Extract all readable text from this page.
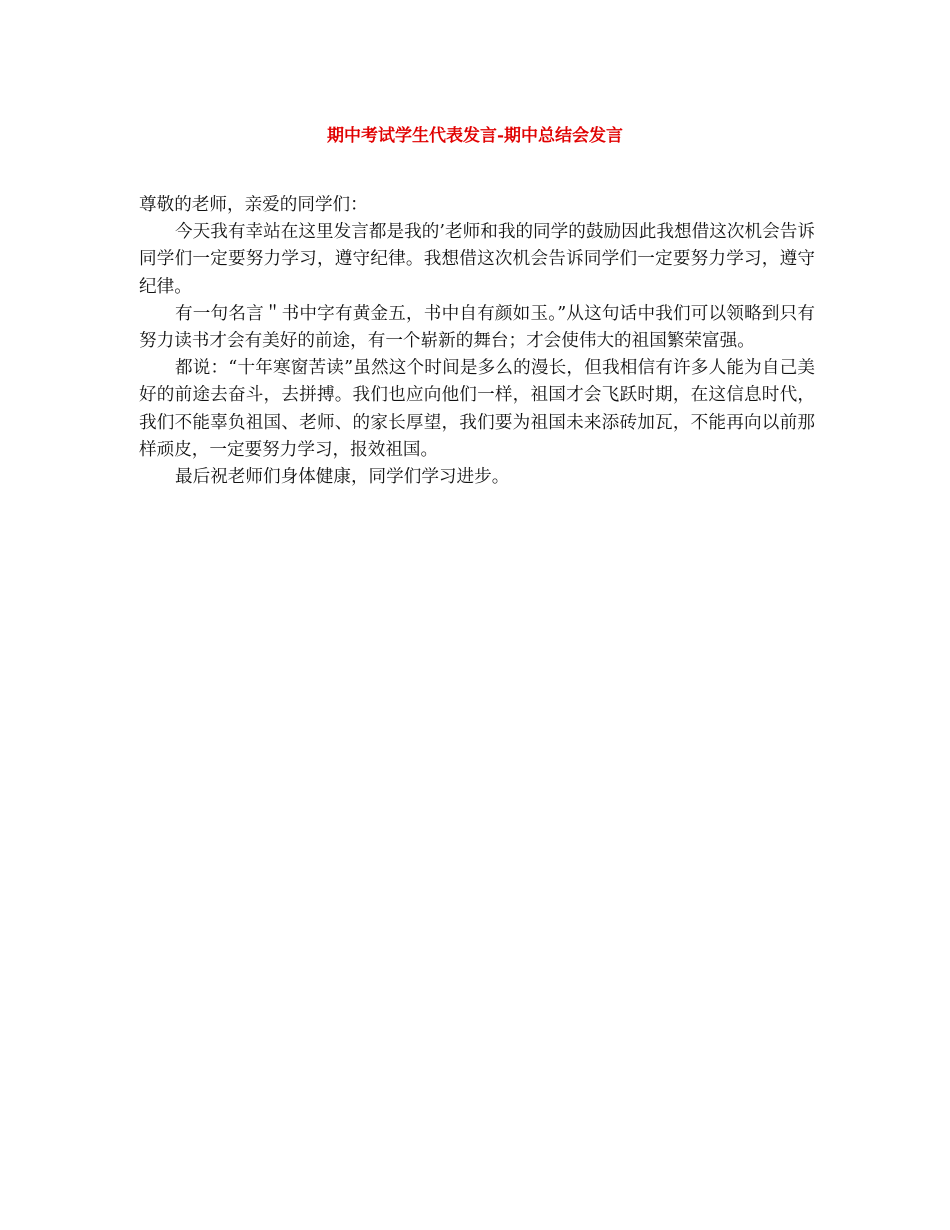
期中考试学生代表发言-期中总结会发言

尊敬的老师，亲爱的同学们：

今天我有幸站在这里发言都是我的’老师和我的同学的鼓励因此我想借这次机会告诉同学们一定要努力学习，遵守纪律。我想借这次机会告诉同学们一定要努力学习，遵守纪律。

有一句名言＂书中字有黄金五，书中自有颜如玉。”从这句话中我们可以领略到只有努力读书才会有美好的前途，有一个崭新的舞台；才会使伟大的祖国繁荣富强。

都说：“十年寒窗苦读”虽然这个时间是多么的漫长，但我相信有许多人能为自己美好的前途去奋斗，去拼搏。我们也应向他们一样，祖国才会飞跃时期，在这信息时代，我们不能辜负祖国、老师、的家长厚望，我们要为祖国未来添砖加瓦，不能再向以前那样顽皮，一定要努力学习，报效祖国。

最后祝老师们身体健康，同学们学习进步。
